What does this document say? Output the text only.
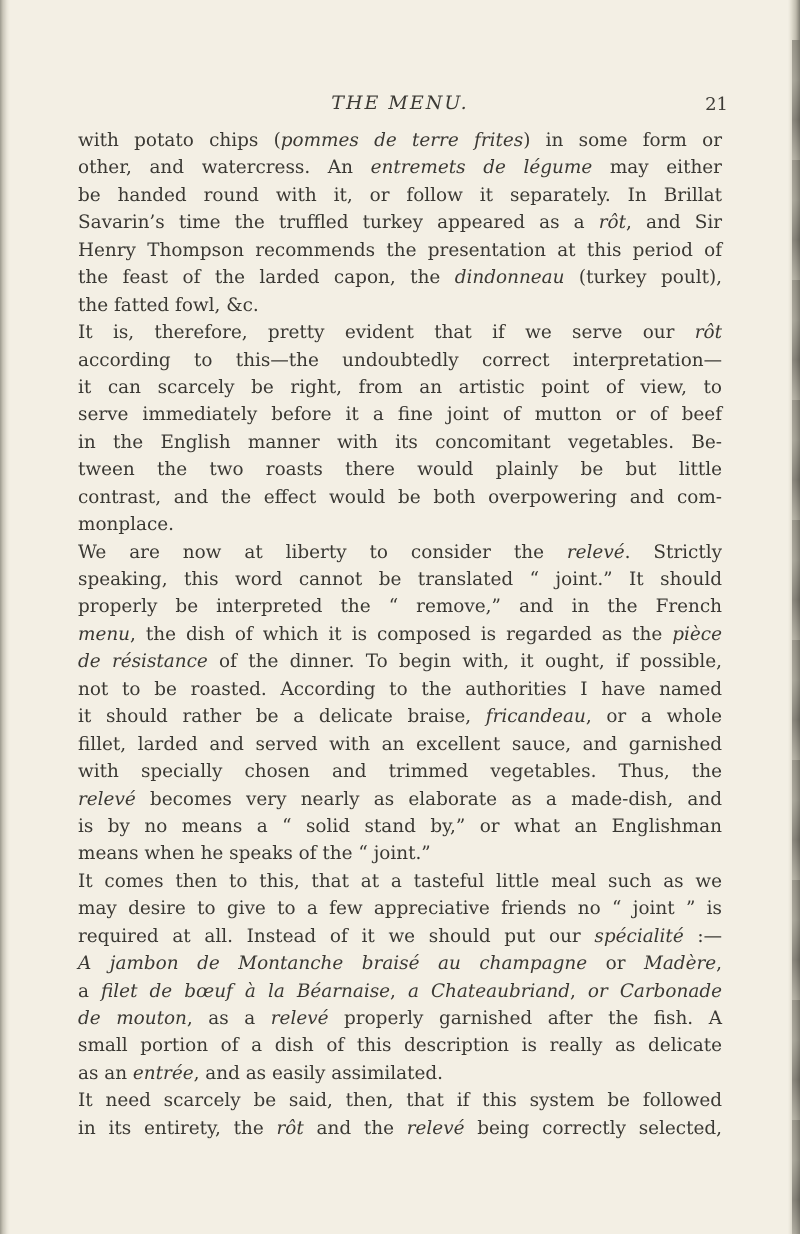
THE MENU.	21
with potato chips (pommes de terre frites) in some form or
other, and watercress. An entremets de légume may either
be handed round with it, or follow it separately. In Brillat
Savarin’s time the truffled turkey appeared as a rôt, and Sir
Henry Thompson recommends the presentation at this period of
the feast of the larded capon, the dindonneau (turkey poult),
the fatted fowl, &c.
It is, therefore, pretty evident that if we serve our rôt
according to this—the undoubtedly correct interpretation—
it can scarcely be right, from an artistic point of view, to
serve immediately before it a fine joint of mutton or of beef
in the English manner with its concomitant vegetables. Be-
tween the two roasts there would plainly be but little
contrast, and the effect would be both overpowering and com-
monplace.
We are now at liberty to consider the relevé. Strictly
speaking, this word cannot be translated “ joint.” It should
properly be interpreted the “ remove,” and in the French
menu, the dish of which it is composed is regarded as the pièce
de résistance of the dinner. To begin with, it ought, if possible,
not to be roasted. According to the authorities I have named
it should rather be a delicate braise, fricandeau, or a whole
fillet, larded and served with an excellent sauce, and garnished
with specially chosen and trimmed vegetables. Thus, the
relevé becomes very nearly as elaborate as a made-dish, and
is by no means a “ solid stand by,” or what an Englishman
means when he speaks of the “ joint.”
It comes then to this, that at a tasteful little meal such as we
may desire to give to a few appreciative friends no “ joint ” is
required at all. Instead of it we should put our spécialité :—
A jambon de Montanche braisé au champagne or Madère,
a filet de bœuf à la Béarnaise, a Chateaubriand, or Carbonade
de mouton, as a relevé properly garnished after the fish. A
small portion of a dish of this description is really as delicate
as an entrée, and as easily assimilated.
It need scarcely be said, then, that if this system be followed
in its entirety, the rôt and the relevé being correctly selected,
